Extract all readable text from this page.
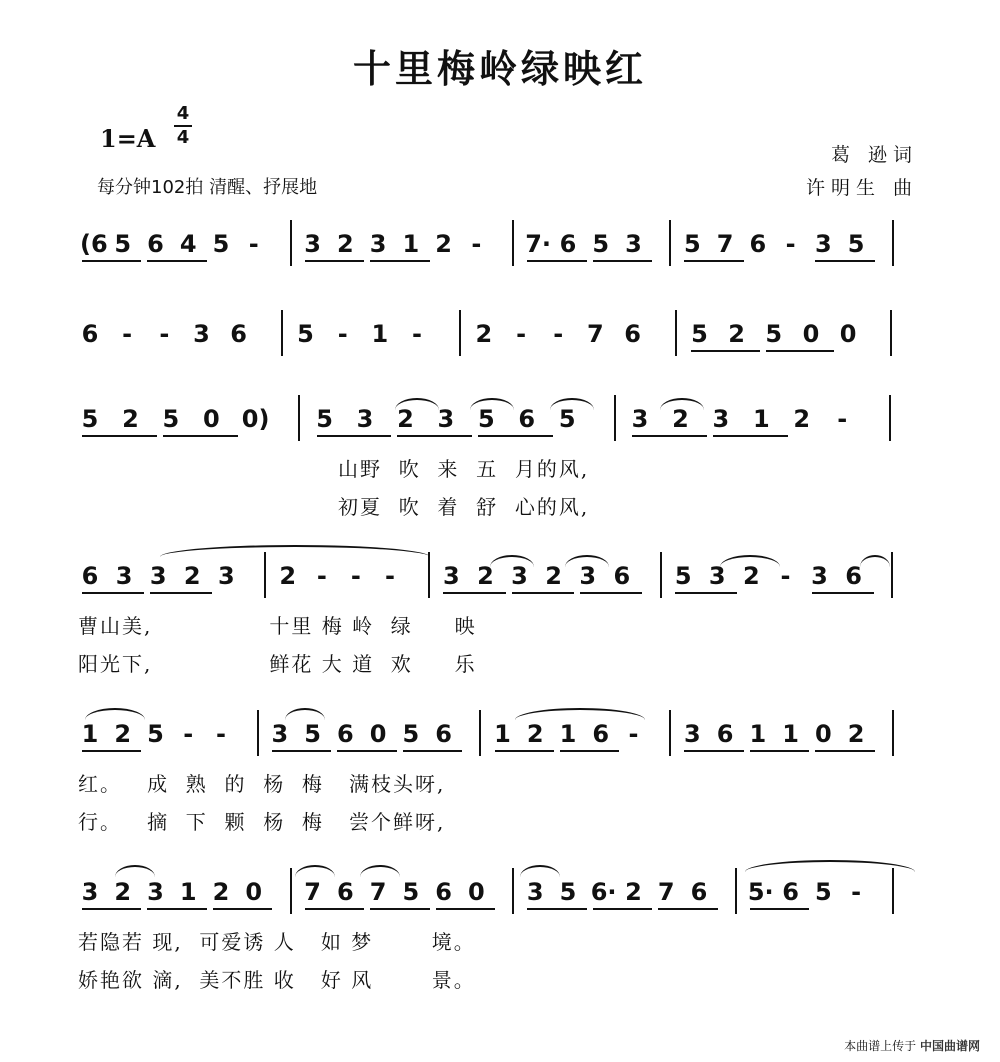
十里梅岭绿映红
1=A
4
4
每分钟102拍 清醒、抒展地
葛 逊词
许明生 曲
(6 5 6 4 5 - 3 2 3 1 2 - 7· 6 5 3 5 7 6 - 3 5
6 - - 3 6 5 - 1 - 2 - - 7 6 5 2 5 0 0
5 2 5 0 0) 5 3 2 3 5 6 5 3 2 3 1 2 -
山野  吹  来  五  月的风,
初夏  吹  着  舒  心的风,
6 3 3 2 3 2 - - - 3 2 3 2 3 6 5 3 2 - 3 6
曹山美,              十里 梅 岭  绿     映
阳光下,              鲜花 大 道  欢     乐
1 2 5 - - 3 5 6 0 5 6 1 2 1 6 - 3 6 1 1 0 2
红。   成  熟  的  杨  梅   满枝头呀,
行。   摘  下  颗  杨  梅   尝个鲜呀,
3 2 3 1 2 0 7 6 7 5 6 0 3 5 6· 2 7 6 5· 6 5 -
若隐若 现,  可爱诱 人   如 梦       境。
娇艳欲 滴,  美不胜 收   好 风       景。
本曲谱上传于 中国曲谱网
